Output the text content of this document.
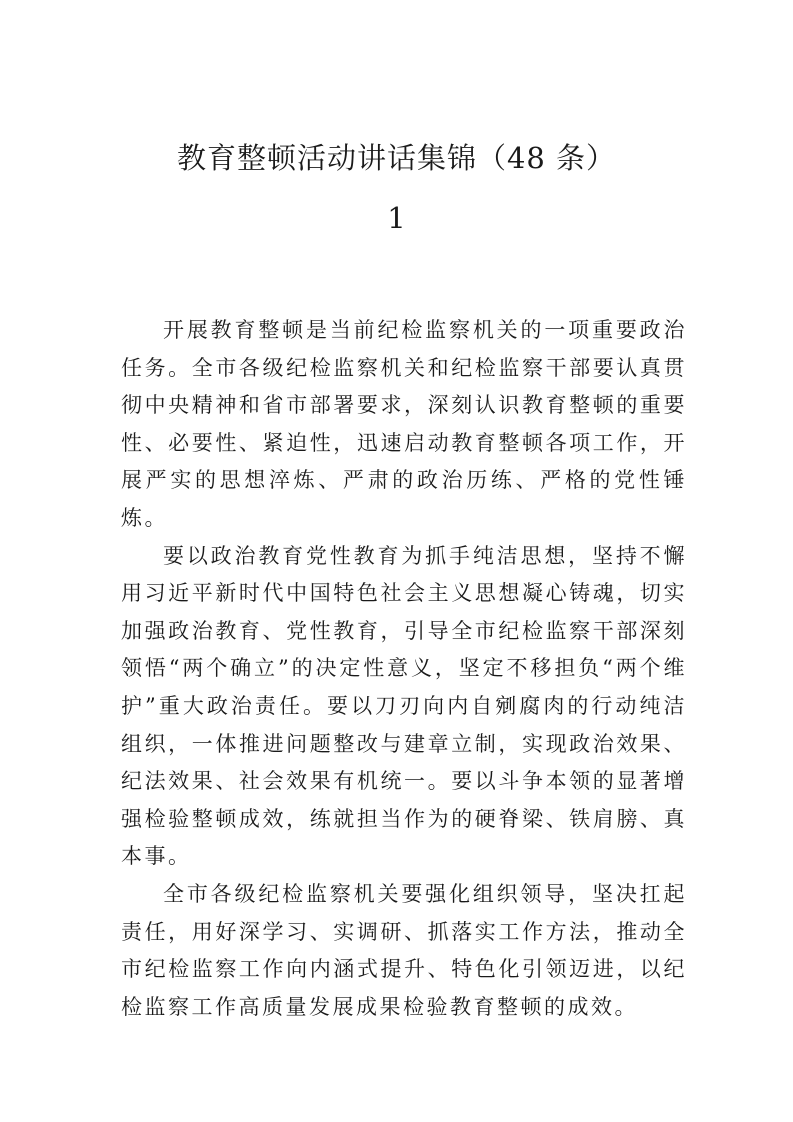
教育整顿活动讲话集锦（48 条）
1

开展教育整顿是当前纪检监察机关的一项重要政治任务。全市各级纪检监察机关和纪检监察干部要认真贯彻中央精神和省市部署要求，深刻认识教育整顿的重要性、必要性、紧迫性，迅速启动教育整顿各项工作，开展严实的思想淬炼、严肃的政治历练、严格的党性锤炼。

要以政治教育党性教育为抓手纯洁思想，坚持不懈用习近平新时代中国特色社会主义思想凝心铸魂，切实加强政治教育、党性教育，引导全市纪检监察干部深刻领悟“两个确立”的决定性意义，坚定不移担负“两个维护”重大政治责任。要以刀刃向内自剜腐肉的行动纯洁组织，一体推进问题整改与建章立制，实现政治效果、纪法效果、社会效果有机统一。要以斗争本领的显著增强检验整顿成效，练就担当作为的硬脊梁、铁肩膀、真本事。

全市各级纪检监察机关要强化组织领导，坚决扛起责任，用好深学习、实调研、抓落实工作方法，推动全市纪检监察工作向内涵式提升、特色化引领迈进，以纪检监察工作高质量发展成果检验教育整顿的成效。
